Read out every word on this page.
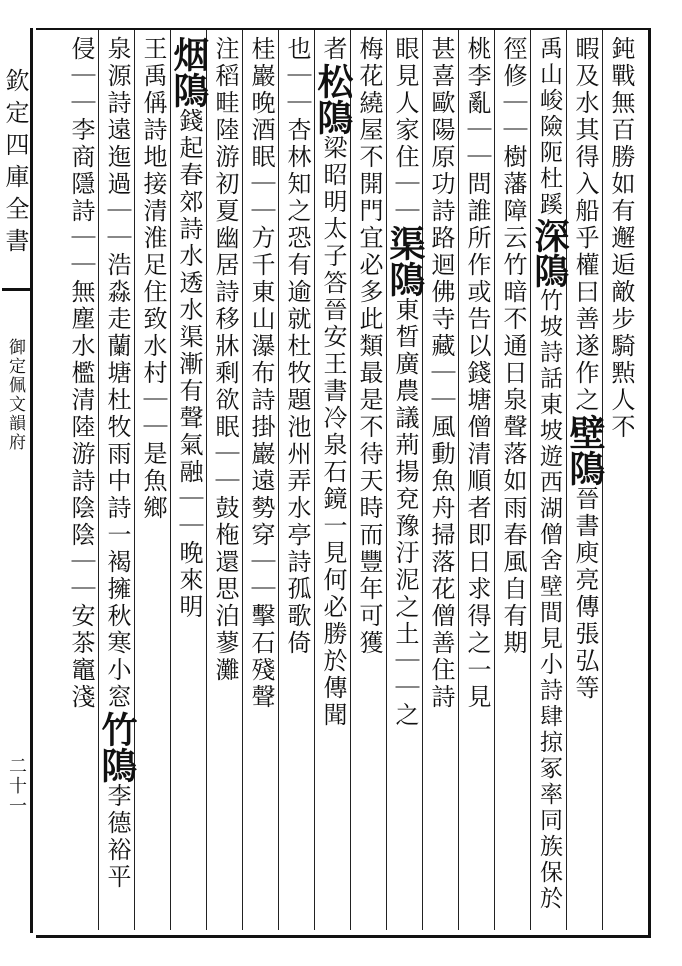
欽定四庫全書
御定佩文韻府
二十一
鈍戰無百勝如有邂逅敵步騎㸃人不
暇及水其得入船乎權曰善遂作之壁隝晉書庾亮傳張弘等
禹山峻險阨杜蹊深隝竹坡詩話東坡遊西湖僧舍壁間見小詩肆掠冢率同族保於
徑修｜｜樹藩障云竹暗不通日泉聲落如雨春風自有期
桃李亂｜｜問誰所作或告以錢塘僧清順者即日求得之一見
甚喜歐陽原功詩路迴佛寺藏｜｜風動魚舟掃落花僧善住詩
眼見人家住｜｜渠隝東晳廣農議荊揚兗豫汙泥之土｜｜之
梅花繞屋不開門宜必多此類最是不待天時而豐年可獲
者松隝梁昭明太子答晉安王書冷泉石鏡一見何必勝於傳聞
也｜｜杏林知之恐有逾就杜牧題池州弄水亭詩孤歌倚
桂巖晚酒眠｜｜方千東山瀑布詩掛巖遠勢穿｜｜擊石殘聲
注稻畦陸游初夏幽居詩移牀剩欲眠｜｜鼓柂還思泊蓼灘
烟隝錢起春郊詩水透水渠漸有聲氣融｜｜晚來明
王禹偁詩地接清淮足住致水村｜｜是魚鄉
泉源詩遠迤過｜｜浩淼走蘭塘杜牧雨中詩一褐擁秋寒小窓竹隝李德裕平
侵｜｜李商隱詩｜｜無塵水檻清陸游詩陰陰｜｜安茶竈淺
